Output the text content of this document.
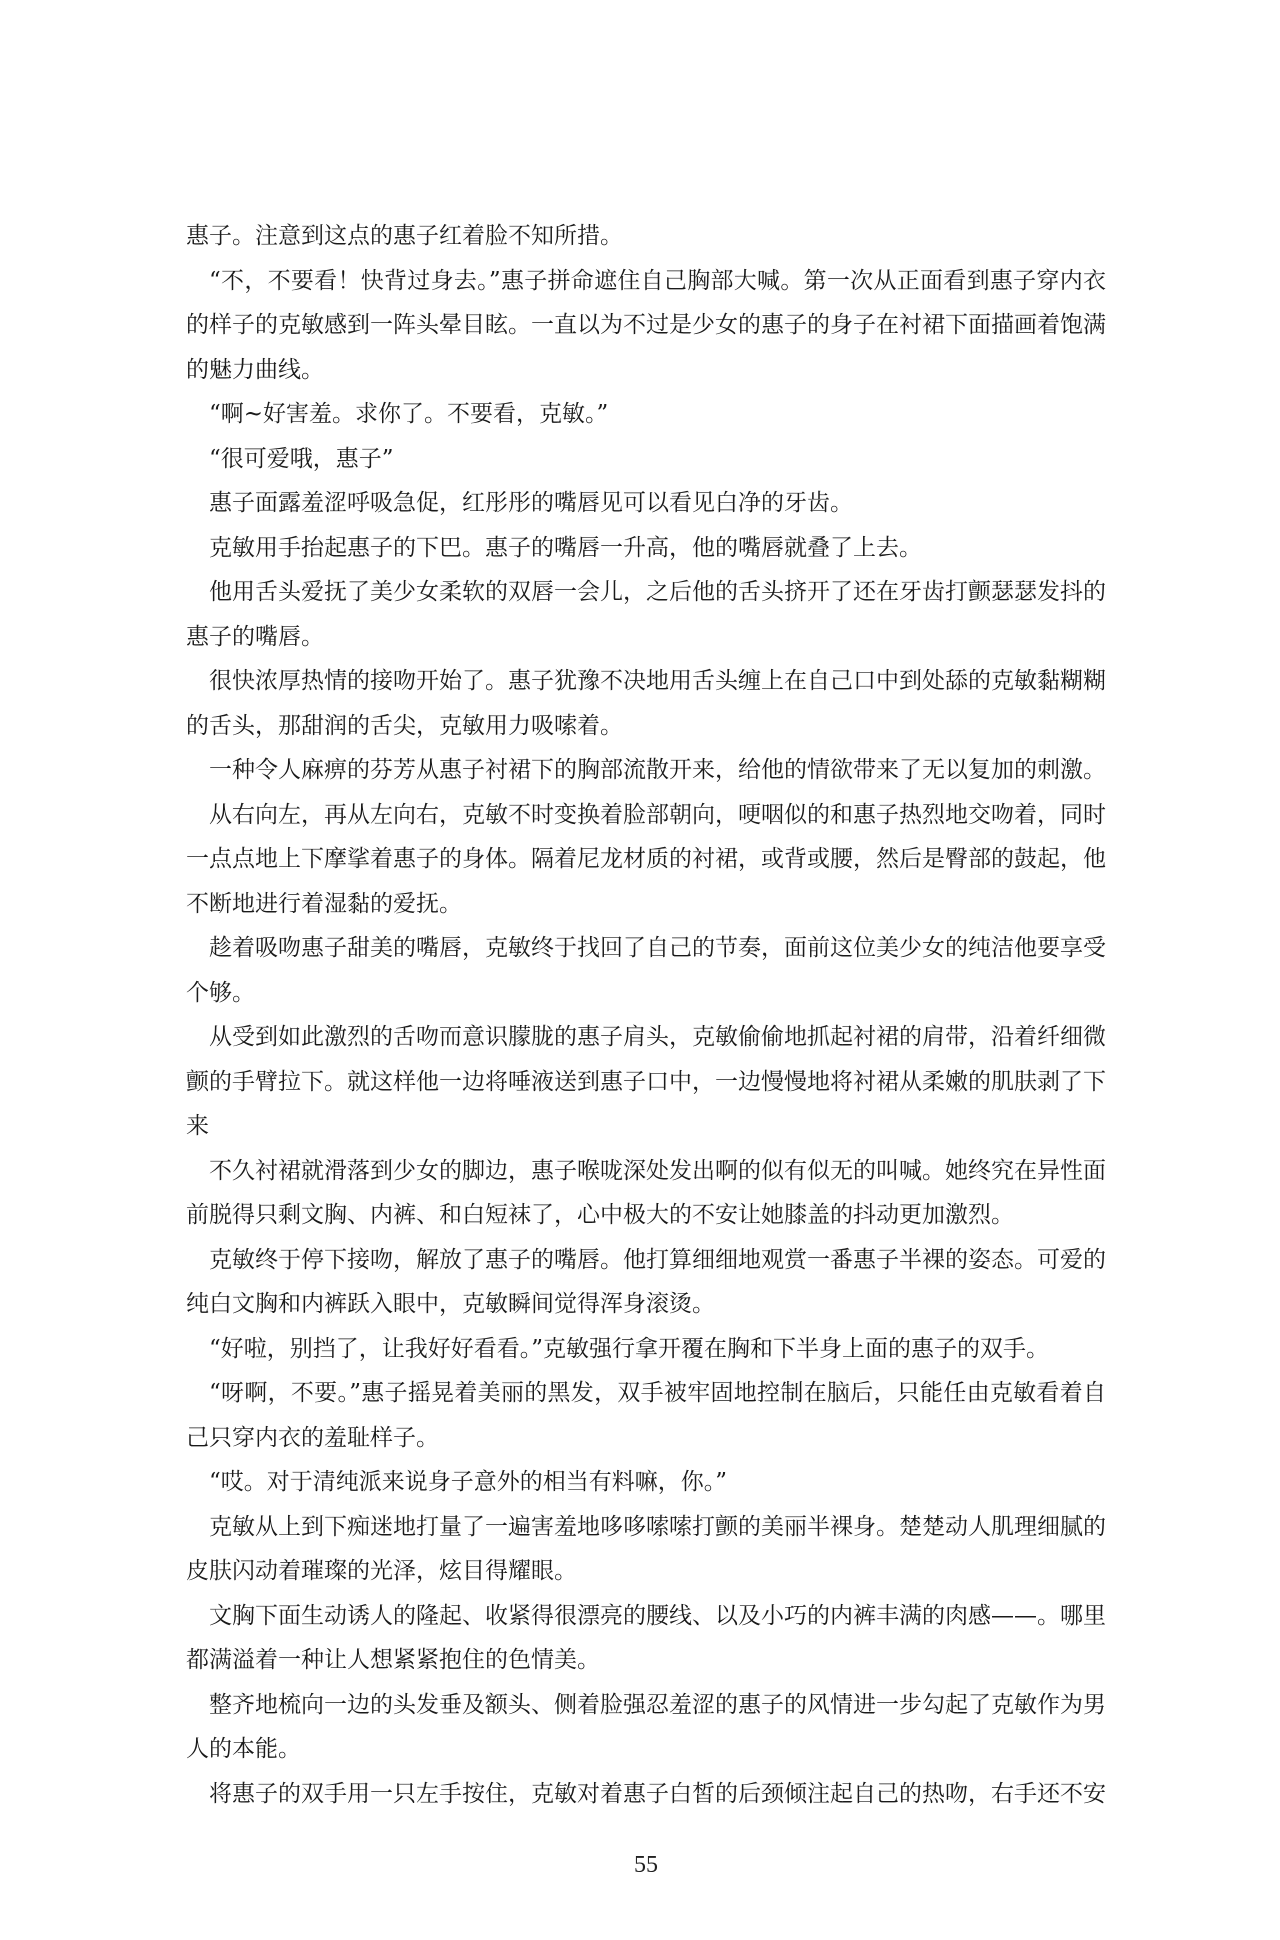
惠子。注意到这点的惠子红着脸不知所措。

“不，不要看！快背过身去。”惠子拼命遮住自己胸部大喊。第一次从正面看到惠子穿内衣的样子的克敏感到一阵头晕目眩。一直以为不过是少女的惠子的身子在衬裙下面描画着饱满的魅力曲线。

“啊~好害羞。求你了。不要看，克敏。”

“很可爱哦，惠子”

惠子面露羞涩呼吸急促，红彤彤的嘴唇见可以看见白净的牙齿。

克敏用手抬起惠子的下巴。惠子的嘴唇一升高，他的嘴唇就叠了上去。

他用舌头爱抚了美少女柔软的双唇一会儿，之后他的舌头挤开了还在牙齿打颤瑟瑟发抖的惠子的嘴唇。

很快浓厚热情的接吻开始了。惠子犹豫不决地用舌头缠上在自己口中到处舔的克敏黏糊糊的舌头，那甜润的舌尖，克敏用力吸嗦着。

一种令人麻痹的芬芳从惠子衬裙下的胸部流散开来，给他的情欲带来了无以复加的刺激。

从右向左，再从左向右，克敏不时变换着脸部朝向，哽咽似的和惠子热烈地交吻着，同时一点点地上下摩挲着惠子的身体。隔着尼龙材质的衬裙，或背或腰，然后是臀部的鼓起，他不断地进行着湿黏的爱抚。

趁着吸吻惠子甜美的嘴唇，克敏终于找回了自己的节奏，面前这位美少女的纯洁他要享受个够。

从受到如此激烈的舌吻而意识朦胧的惠子肩头，克敏偷偷地抓起衬裙的肩带，沿着纤细微颤的手臂拉下。就这样他一边将唾液送到惠子口中，一边慢慢地将衬裙从柔嫩的肌肤剥了下来

不久衬裙就滑落到少女的脚边，惠子喉咙深处发出啊的似有似无的叫喊。她终究在异性面前脱得只剩文胸、内裤、和白短袜了，心中极大的不安让她膝盖的抖动更加激烈。

克敏终于停下接吻，解放了惠子的嘴唇。他打算细细地观赏一番惠子半裸的姿态。可爱的纯白文胸和内裤跃入眼中，克敏瞬间觉得浑身滚烫。

“好啦，别挡了，让我好好看看。”克敏强行拿开覆在胸和下半身上面的惠子的双手。

“呀啊，不要。”惠子摇晃着美丽的黑发，双手被牢固地控制在脑后，只能任由克敏看着自己只穿内衣的羞耻样子。

“哎。对于清纯派来说身子意外的相当有料嘛，你。”

克敏从上到下痴迷地打量了一遍害羞地哆哆嗦嗦打颤的美丽半裸身。楚楚动人肌理细腻的皮肤闪动着璀璨的光泽，炫目得耀眼。

文胸下面生动诱人的隆起、收紧得很漂亮的腰线、以及小巧的内裤丰满的肉感——。哪里都满溢着一种让人想紧紧抱住的色情美。

整齐地梳向一边的头发垂及额头、侧着脸强忍羞涩的惠子的风情进一步勾起了克敏作为男人的本能。

将惠子的双手用一只左手按住，克敏对着惠子白皙的后颈倾注起自己的热吻，右手还不安

55
